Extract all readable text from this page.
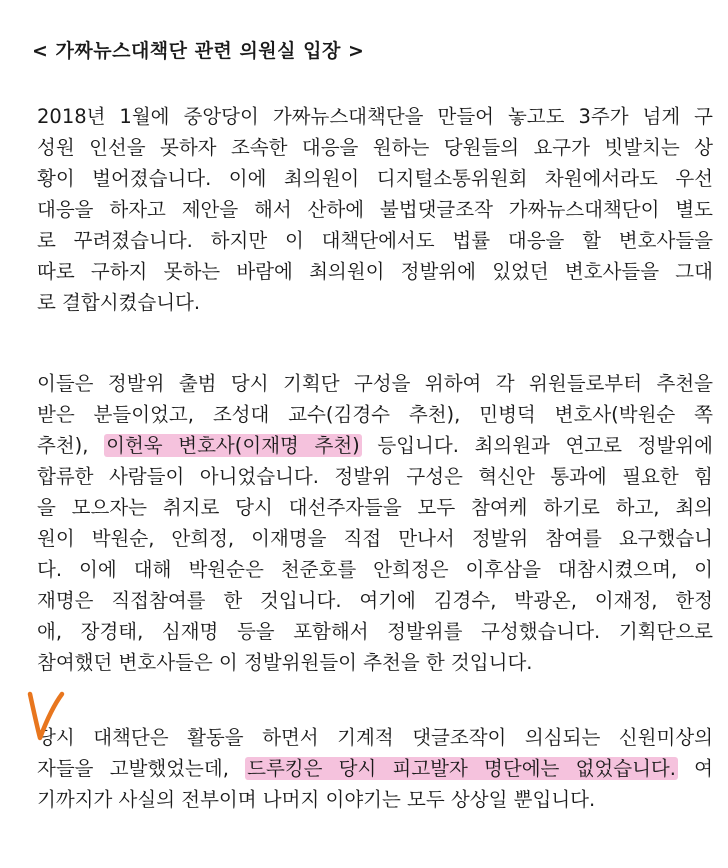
< 가짜뉴스대책단 관련 의원실 입장 >
2018년 1월에 중앙당이 가짜뉴스대책단을 만들어 놓고도 3주가 넘게 구
성원 인선을 못하자 조속한 대응을 원하는 당원들의 요구가 빗발치는 상
황이 벌어졌습니다. 이에 최의원이 디지털소통위원회 차원에서라도 우선
대응을 하자고 제안을 해서 산하에 불법댓글조작 가짜뉴스대책단이 별도
로 꾸려졌습니다. 하지만 이 대책단에서도 법률 대응을 할 변호사들을
따로 구하지 못하는 바람에 최의원이 정발위에 있었던 변호사들을 그대
로 결합시켰습니다.
이들은 정발위 출범 당시 기획단 구성을 위하여 각 위원들로부터 추천을
받은 분들이었고, 조성대 교수(김경수 추천), 민병덕 변호사(박원순 쪽
추천), 이헌욱 변호사(이재명 추천) 등입니다. 최의원과 연고로 정발위에
합류한 사람들이 아니었습니다. 정발위 구성은 혁신안 통과에 필요한 힘
을 모으자는 취지로 당시 대선주자들을 모두 참여케 하기로 하고, 최의
원이 박원순, 안희정, 이재명을 직접 만나서 정발위 참여를 요구했습니
다. 이에 대해 박원순은 천준호를 안희정은 이후삼을 대참시켰으며, 이
재명은 직접참여를 한 것입니다. 여기에 김경수, 박광온, 이재정, 한정
애, 장경태, 심재명 등을 포함해서 정발위를 구성했습니다. 기획단으로
참여했던 변호사들은 이 정발위원들이 추천을 한 것입니다.
당시 대책단은 활동을 하면서 기계적 댓글조작이 의심되는 신원미상의
자들을 고발했었는데, 드루킹은 당시 피고발자 명단에는 없었습니다. 여
기까지가 사실의 전부이며 나머지 이야기는 모두 상상일 뿐입니다.
